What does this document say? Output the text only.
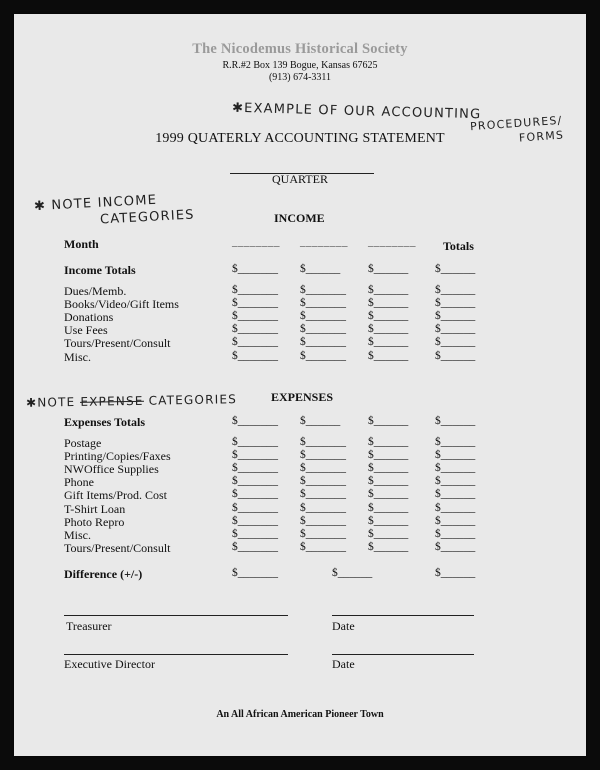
The Nicodemus Historical Society
R.R.#2 Box 139 Bogue, Kansas 67625
(913) 674-3311
✱EXAMPLE OF OUR ACCOUNTING
PROCEDURES/
FORMS
1999 QUATERLY ACCOUNTING STATEMENT
QUARTER
✱ NOTE INCOME
CATEGORIES	INCOME
Month	________ ________ ________ Totals
Income Totals	$_______ $______ $______ $______
Dues/Memb.	$_______ $_______ $______ $______
Books/Video/Gift Items	$_______ $_______ $______ $______
Donations	$_______ $_______ $______ $______
Use Fees	$_______ $_______ $______ $______
Tours/Present/Consult	$_______ $_______ $______ $______
Misc.	$_______ $_______ $______ $______
✱NOTE EXPENSE CATEGORIES	EXPENSES
Expenses Totals	$_______ $______ $______ $______
Postage	$_______ $_______ $______ $______
Printing/Copies/Faxes	$_______ $_______ $______ $______
NWOffice Supplies	$_______ $_______ $______ $______
Phone	$_______ $_______ $______ $______
Gift Items/Prod. Cost	$_______ $_______ $______ $______
T-Shirt Loan	$_______ $_______ $______ $______
Photo Repro	$_______ $_______ $______ $______
Misc.	$_______ $_______ $______ $______
Tours/Present/Consult	$_______ $_______ $______ $______
Difference (+/-)	$_______	$______	$______
Treasurer	Date
Executive Director	Date
An All African American Pioneer Town
